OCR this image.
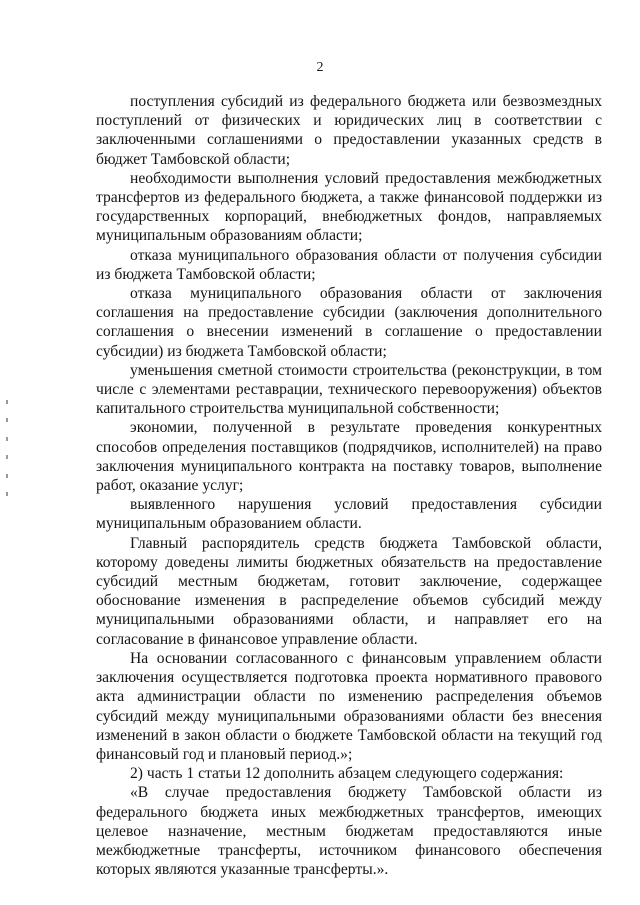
2

поступления субсидий из федерального бюджета или безвозмездных поступлений от физических и юридических лиц в соответствии с заключенными соглашениями о предоставлении указанных средств в бюджет Тамбовской области;

необходимости выполнения условий предоставления межбюджетных трансфертов из федерального бюджета, а также финансовой поддержки из государственных корпораций, внебюджетных фондов, направляемых муниципальным образованиям области;

отказа муниципального образования области от получения субсидии из бюджета Тамбовской области;

отказа муниципального образования области от заключения соглашения на предоставление субсидии (заключения дополнительного соглашения о внесении изменений в соглашение о предоставлении субсидии) из бюджета Тамбовской области;

уменьшения сметной стоимости строительства (реконструкции, в том числе с элементами реставрации, технического перевооружения) объектов капитального строительства муниципальной собственности;

экономии, полученной в результате проведения конкурентных способов определения поставщиков (подрядчиков, исполнителей) на право заключения муниципального контракта на поставку товаров, выполнение работ, оказание услуг;

выявленного нарушения условий предоставления субсидии муниципальным образованием области.

Главный распорядитель средств бюджета Тамбовской области, которому доведены лимиты бюджетных обязательств на предоставление субсидий местным бюджетам, готовит заключение, содержащее обоснование изменения в распределение объемов субсидий между муниципальными образованиями области, и направляет его на согласование в финансовое управление области.

На основании согласованного с финансовым управлением области заключения осуществляется подготовка проекта нормативного правового акта администрации области по изменению распределения объемов субсидий между муниципальными образованиями области без внесения изменений в закон области о бюджете Тамбовской области на текущий год финансовый год и плановый период.»;

2) часть 1 статьи 12 дополнить абзацем следующего содержания:

«В случае предоставления бюджету Тамбовской области из федерального бюджета иных межбюджетных трансфертов, имеющих целевое назначение, местным бюджетам предоставляются иные межбюджетные трансферты, источником финансового обеспечения которых являются указанные трансферты.».
